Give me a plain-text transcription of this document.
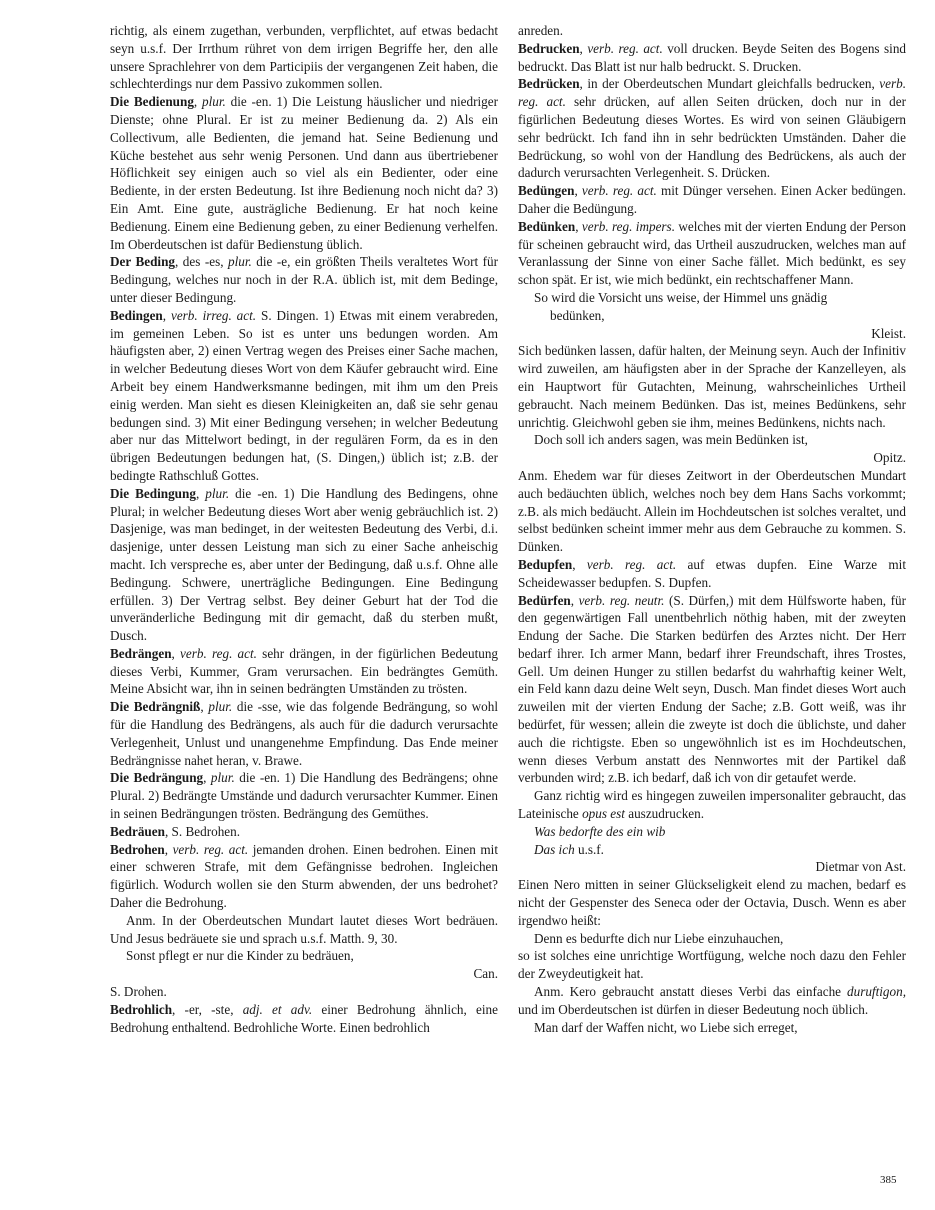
richtig, als einem zugethan, verbunden, verpflichtet, auf etwas bedacht seyn u.s.f. Der Irrthum rühret von dem irrigen Begriffe her, den alle unsere Sprachlehrer von dem Participiis der vergangenen Zeit haben, die schlechterdings nur dem Passivo zukommen sollen.

Die Bedienung, plur. die -en. 1) Die Leistung häuslicher und niedriger Dienste; ohne Plural. Er ist zu meiner Bedienung da. 2) Als ein Collectivum, alle Bedienten, die jemand hat. Seine Bedienung und Küche bestehet aus sehr wenig Personen. Und dann aus übertriebener Höflichkeit sey einigen auch so viel als ein Bedienter, oder eine Bediente, in der ersten Bedeutung. Ist ihre Bedienung noch nicht da? 3) Ein Amt. Eine gute, austrägliche Bedienung. Er hat noch keine Bedienung. Einem eine Bedienung geben, zu einer Bedienung verhelfen. Im Oberdeutschen ist dafür Bedienstung üblich.

Der Beding, des -es, plur. die -e, ein größten Theils veraltetes Wort für Bedingung, welches nur noch in der R.A. üblich ist, mit dem Bedinge, unter dieser Bedingung.

Bedingen, verb. irreg. act. S. Dingen. 1) Etwas mit einem verabreden, im gemeinen Leben. So ist es unter uns bedungen worden. Am häufigsten aber, 2) einen Vertrag wegen des Preises einer Sache machen, in welcher Bedeutung dieses Wort von dem Käufer gebraucht wird. Eine Arbeit bey einem Handwerksmanne bedingen, mit ihm um den Preis einig werden. Man sieht es diesen Kleinigkeiten an, daß sie sehr genau bedungen sind. 3) Mit einer Bedingung versehen; in welcher Bedeutung aber nur das Mittelwort bedingt, in der regulären Form, da es in den übrigen Bedeutungen bedungen hat, (S. Dingen,) üblich ist; z.B. der bedingte Rathschluß Gottes.

Die Bedingung, plur. die -en. 1) Die Handlung des Bedingens, ohne Plural; in welcher Bedeutung dieses Wort aber wenig gebräuchlich ist. 2) Dasjenige, was man bedinget, in der weitesten Bedeutung des Verbi, d.i. dasjenige, unter dessen Leistung man sich zu einer Sache anheischig macht. Ich verspreche es, aber unter der Bedingung, daß u.s.f. Ohne alle Bedingung. Schwere, unerträgliche Bedingungen. Eine Bedingung erfüllen. 3) Der Vertrag selbst. Bey deiner Geburt hat der Tod die unveränderliche Bedingung mit dir gemacht, daß du sterben mußt, Dusch.

Bedrängen, verb. reg. act. sehr drängen, in der figürlichen Bedeutung dieses Verbi, Kummer, Gram verursachen. Ein bedrängtes Gemüth. Meine Absicht war, ihn in seinen bedrängten Umständen zu trösten.

Die Bedrängniß, plur. die -sse, wie das folgende Bedrängung, so wohl für die Handlung des Bedrängens, als auch für die dadurch verursachte Verlegenheit, Unlust und unangenehme Empfindung. Das Ende meiner Bedrängnisse nahet heran, v. Brawe.

Die Bedrängung, plur. die -en. 1) Die Handlung des Bedrängens; ohne Plural. 2) Bedrängte Umstände und dadurch verursachter Kummer. Einen in seinen Bedrängungen trösten. Bedrängung des Gemüthes.

Bedräuen, S. Bedrohen.

Bedrohen, verb. reg. act. jemanden drohen. Einen bedrohen. Einen mit einer schweren Strafe, mit dem Gefängnisse bedrohen. Ingleichen figürlich. Wodurch wollen sie den Sturm abwenden, der uns bedrohet? Daher die Bedrohung.

Anm. In der Oberdeutschen Mundart lautet dieses Wort bedräuen. Und Jesus bedräuete sie und sprach u.s.f. Matth. 9, 30.

Sonst pflegt er nur die Kinder zu bedräuen,

Can.

S. Drohen.

Bedrohlich, -er, -ste, adj. et adv. einer Bedrohung ähnlich, eine Bedrohung enthaltend. Bedrohliche Worte. Einen bedrohlich

anreden.

Bedrucken, verb. reg. act. voll drucken. Beyde Seiten des Bogens sind bedruckt. Das Blatt ist nur halb bedruckt. S. Drucken.

Bedrücken, in der Oberdeutschen Mundart gleichfalls bedrucken, verb. reg. act. sehr drücken, auf allen Seiten drücken, doch nur in der figürlichen Bedeutung dieses Wortes. Es wird von seinen Gläubigern sehr bedrückt. Ich fand ihn in sehr bedrückten Umständen. Daher die Bedrückung, so wohl von der Handlung des Bedrückens, als auch der dadurch verursachten Verlegenheit. S. Drücken.

Bedüngen, verb. reg. act. mit Dünger versehen. Einen Acker bedüngen. Daher die Bedüngung.

Bedünken, verb. reg. impers. welches mit der vierten Endung der Person für scheinen gebraucht wird, das Urtheil auszudrucken, welches man auf Veranlassung der Sinne von einer Sache fället. Mich bedünkt, es sey schon spät. Er ist, wie mich bedünkt, ein rechtschaffener Mann.

So wird die Vorsicht uns weise, der Himmel uns gnädig

bedünken,

Kleist.

Sich bedünken lassen, dafür halten, der Meinung seyn. Auch der Infinitiv wird zuweilen, am häufigsten aber in der Sprache der Kanzelleyen, als ein Hauptwort für Gutachten, Meinung, wahrscheinliches Urtheil gebraucht. Nach meinem Bedünken. Das ist, meines Bedünkens, sehr unrichtig. Gleichwohl geben sie ihm, meines Bedünkens, nichts nach.

Doch soll ich anders sagen, was mein Bedünken ist,

Opitz.

Anm. Ehedem war für dieses Zeitwort in der Oberdeutschen Mundart auch bedäuchten üblich, welches noch bey dem Hans Sachs vorkommt; z.B. als mich bedäucht. Allein im Hochdeutschen ist solches veraltet, und selbst bedünken scheint immer mehr aus dem Gebrauche zu kommen. S. Dünken.

Bedupfen, verb. reg. act. auf etwas dupfen. Eine Warze mit Scheidewasser bedupfen. S. Dupfen.

Bedürfen, verb. reg. neutr. (S. Dürfen,) mit dem Hülfsworte haben, für den gegenwärtigen Fall unentbehrlich nöthig haben, mit der zweyten Endung der Sache. Die Starken bedürfen des Arztes nicht. Der Herr bedarf ihrer. Ich armer Mann, bedarf ihrer Freundschaft, ihres Trostes, Gell. Um deinen Hunger zu stillen bedarfst du wahrhaftig keiner Welt, ein Feld kann dazu deine Welt seyn, Dusch. Man findet dieses Wort auch zuweilen mit der vierten Endung der Sache; z.B. Gott weiß, was ihr bedürfet, für wessen; allein die zweyte ist doch die üblichste, und daher auch die richtigste. Eben so ungewöhnlich ist es im Hochdeutschen, wenn dieses Verbum anstatt des Nennwortes mit der Partikel daß verbunden wird; z.B. ich bedarf, daß ich von dir getaufet werde.

Ganz richtig wird es hingegen zuweilen impersonaliter gebraucht, das Lateinische opus est auszudrucken.

Was bedorfte des ein wib

Das ich u.s.f.

Dietmar von Ast.

Einen Nero mitten in seiner Glückseligkeit elend zu machen, bedarf es nicht der Gespenster des Seneca oder der Octavia, Dusch. Wenn es aber irgendwo heißt:

Denn es bedurfte dich nur Liebe einzuhauchen,

so ist solches eine unrichtige Wortfügung, welche noch dazu den Fehler der Zweydeutigkeit hat.

Anm. Kero gebraucht anstatt dieses Verbi das einfache duruftigon, und im Oberdeutschen ist dürfen in dieser Bedeutung noch üblich.

Man darf der Waffen nicht, wo Liebe sich erreget,

385
